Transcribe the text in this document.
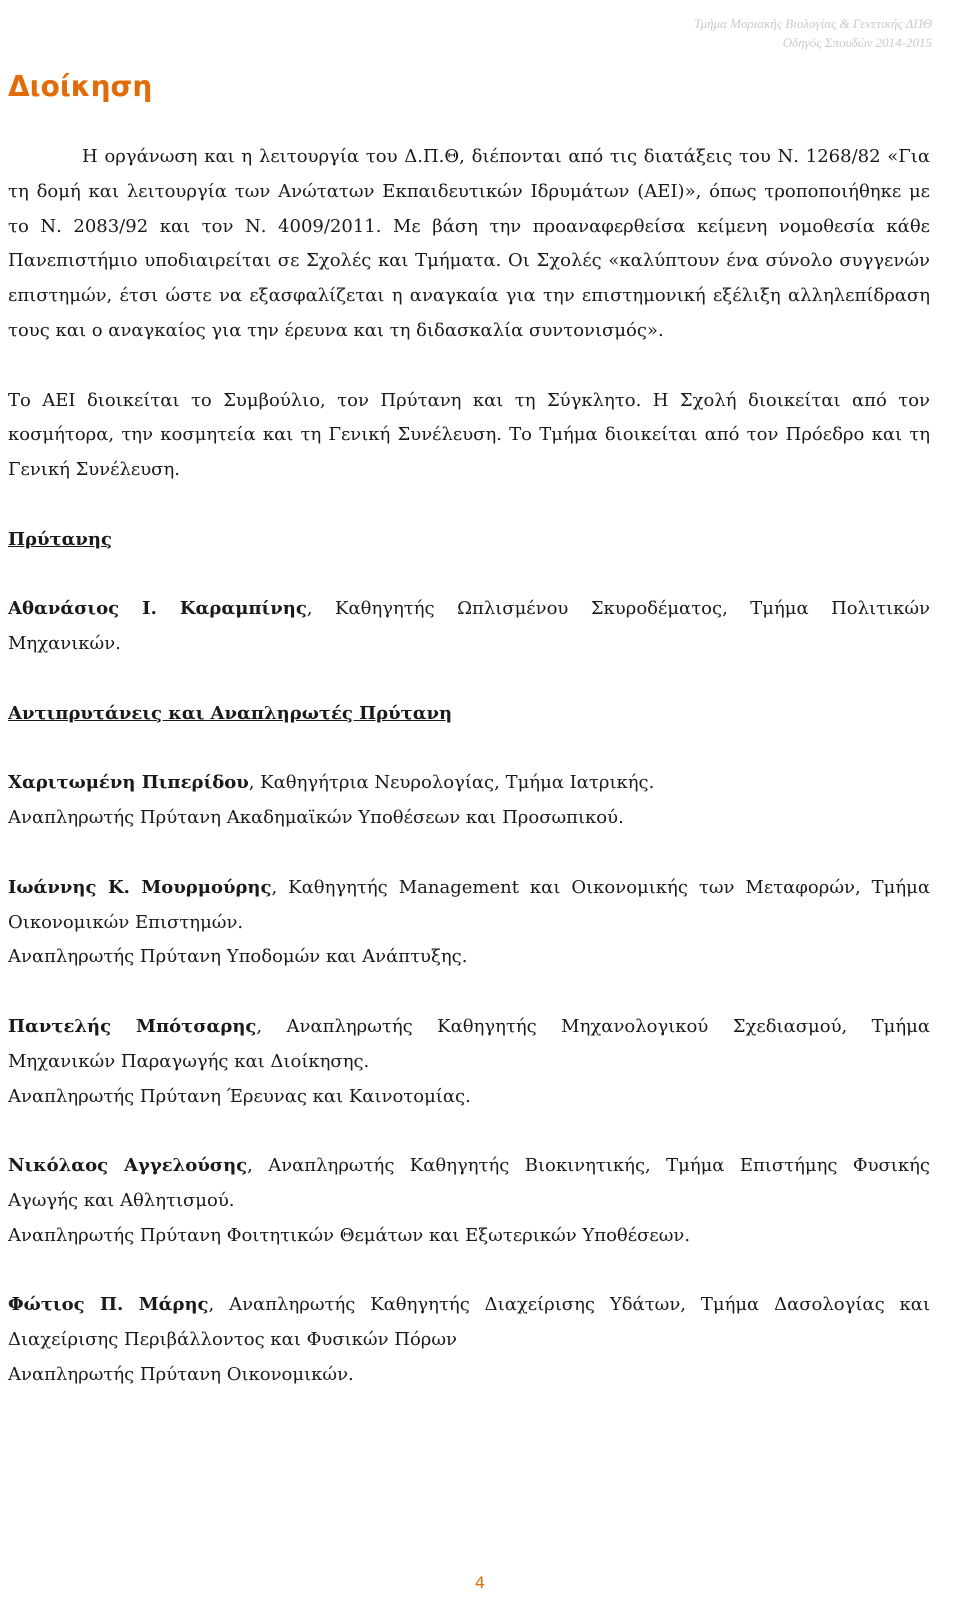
Τμήμα Μοριακής Βιολογίας & Γενετικής ΔΠΘ
Οδηγός Σπουδών 2014-2015
Διοίκηση

Η οργάνωση και η λειτουργία του Δ.Π.Θ, διέπονται από τις διατάξεις του Ν. 1268/82 «Για τη δομή και λειτουργία των Ανώτατων Εκπαιδευτικών Ιδρυμάτων (ΑΕΙ)», όπως τροποποιήθηκε με το Ν. 2083/92 και τον Ν. 4009/2011. Με βάση την προαναφερθείσα κείμενη νομοθεσία κάθε Πανεπιστήμιο υποδιαιρείται σε Σχολές και Τμήματα. Οι Σχολές «καλύπτουν ένα σύνολο συγγενών επιστημών, έτσι ώστε να εξασφαλίζεται η αναγκαία για την επιστημονική εξέλιξη αλληλεπίδραση τους και ο αναγκαίος για την έρευνα και τη διδασκαλία συντονισμός».

Το ΑΕΙ διοικείται το Συμβούλιο, τον Πρύτανη και τη Σύγκλητο. Η Σχολή διοικείται από τον κοσμήτορα, την κοσμητεία και τη Γενική Συνέλευση. Το Τμήμα διοικείται από τον Πρόεδρο και τη Γενική Συνέλευση.

Πρύτανης

Αθανάσιος Ι. Καραμπίνης, Καθηγητής Ωπλισμένου Σκυροδέματος, Τμήμα Πολιτικών Μηχανικών.

Αντιπρυτάνεις και Αναπληρωτές Πρύτανη

Χαριτωμένη Πιπερίδου, Καθηγήτρια Νευρολογίας, Τμήμα Ιατρικής.

Αναπληρωτής Πρύτανη Ακαδημαϊκών Υποθέσεων και Προσωπικού.

Ιωάννης Κ. Μουρμούρης, Καθηγητής Management και Οικονομικής των Μεταφορών, Τμήμα Οικονομικών Επιστημών.

Αναπληρωτής Πρύτανη Υποδομών και Ανάπτυξης.

Παντελής Μπότσαρης, Αναπληρωτής Καθηγητής Μηχανολογικού Σχεδιασμού, Τμήμα Μηχανικών Παραγωγής και Διοίκησης.

Αναπληρωτής Πρύτανη Έρευνας και Καινοτομίας.

Νικόλαος Αγγελούσης, Αναπληρωτής Καθηγητής Βιοκινητικής, Τμήμα Επιστήμης Φυσικής Αγωγής και Αθλητισμού.

Αναπληρωτής Πρύτανη Φοιτητικών Θεμάτων και Εξωτερικών Υποθέσεων.

Φώτιος Π. Μάρης, Αναπληρωτής Καθηγητής Διαχείρισης Υδάτων, Τμήμα Δασολογίας και Διαχείρισης Περιβάλλοντος και Φυσικών Πόρων

Αναπληρωτής Πρύτανη Οικονομικών.

4
